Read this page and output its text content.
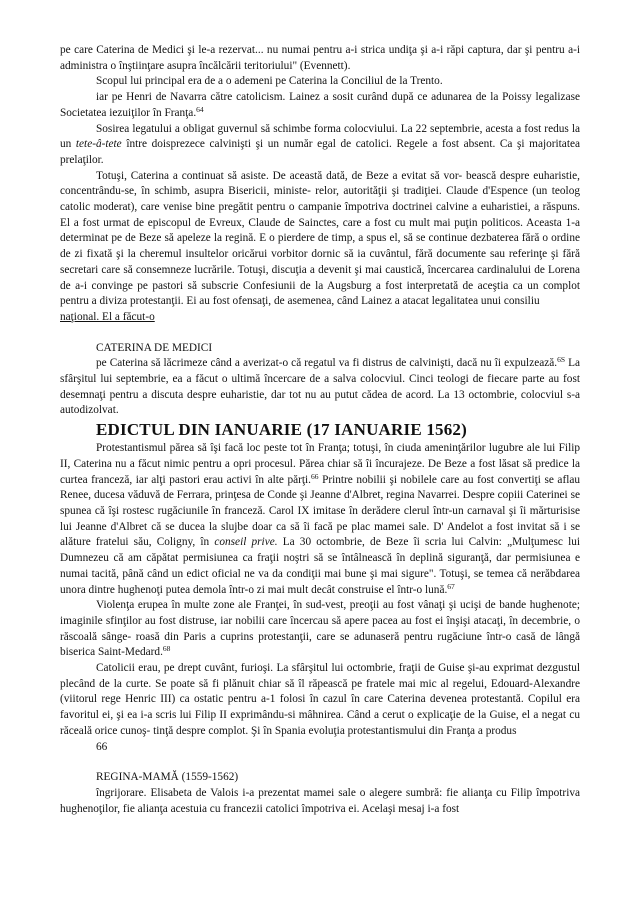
pe care Caterina de Medici şi le-a rezervat... nu numai pentru a-i strica undiţa şi a-i răpi captura, dar şi pentru a-i administra o înştiinţare asupra încălcării teritoriului" (Evennett).

Scopul lui principal era de a o ademeni pe Caterina la Conciliul de la Trento.

iar pe Henri de Navarra către catolicism. Lainez a sosit curând după ce adunarea de la Poissy legalizase Societatea iezuiţilor în Franţa.$^{64}$

Sosirea legatului a obligat guvernul să schimbe forma colocviului. La 22 septembrie, acesta a fost redus la un tete-â-tete între doisprezece calvinişti şi un număr egal de catolici. Regele a fost absent. Ca şi majoritatea prelaţilor.

Totuşi, Caterina a continuat să asiste. De această dată, de Beze a evitat să vor- bească despre euharistie, concentrându-se, în schimb, asupra Bisericii, ministe- relor, autorităţii şi tradiţiei. Claude d'Espence (un teolog catolic moderat), care venise bine pregătit pentru o campanie împotriva doctrinei calvine a euharistiei, a răspuns. El a fost urmat de episcopul de Evreux, Claude de Sainctes, care a fost cu mult mai puţin politicos. Aceasta 1-a determinat pe de Beze să apeleze la regină. E o pierdere de timp, a spus el, să se continue dezbaterea fără o ordine de zi fixată şi la cheremul insultelor oricărui vorbitor dornic să ia cuvântul, fără documente sau referinţe şi fără secretari care să consemneze lucrările. Totuşi, discuţia a devenit şi mai caustică, încercarea cardinalului de Lorena de a-i convinge pe pastori să subscrie Confesiunii de la Augsburg a fost interpretată de aceştia ca un complot pentru a diviza protestanţii. Ei au fost ofensaţi, de asemenea, când Lainez a atacat legalitatea unui consiliu
naţional. El a făcut-o

CATERINA DE MEDICI

pe Caterina să lăcrimeze când a averizat-o că regatul va fi distrus de calvinişti, dacă nu îi expulzează.$^{6S}$ La sfârşitul lui septembrie, ea a făcut o ultimă încercare de a salva colocviul. Cinci teologi de fiecare parte au fost desemnaţi pentru a discuta despre euharistie, dar tot nu au putut cădea de acord. La 13 octombrie, colocviul s-a autodizolvat.

EDICTUL DIN IANUARIE (17 IANUARIE 1562)

Protestantismul părea să îşi facă loc peste tot în Franţa; totuşi, în ciuda ameninţărilor lugubre ale lui Filip II, Caterina nu a făcut nimic pentru a opri procesul. Părea chiar să îi încurajeze. De Beze a fost lăsat să predice la curtea franceză, iar alţi pastori erau activi în alte părţi.$^{66}$ Printre nobilii şi nobilele care au fost convertiţi se aflau Renee, ducesa văduvă de Ferrara, prinţesa de Conde şi Jeanne d'Albret, regina Navarrei. Despre copiii Caterinei se spunea că îşi rostesc rugăciunile în franceză. Carol IX imitase în derădere clerul într-un carnaval şi îi mărturisise lui Jeanne d'Albret că se ducea la slujbe doar ca să îi facă pe plac mamei sale. D' Andelot a fost invitat să i se alăture fratelui său, Coligny, în conseil prive. La 30 octombrie, de Beze îi scria lui Calvin: „Mulţumesc lui Dumnezeu că am căpătat permisiunea ca fraţii noştri să se întâlnească în deplină siguranţă, dar permisiunea e numai tacită, până când un edict oficial ne va da condiţii mai bune şi mai sigure". Totuşi, se temea că nerăbdarea unora dintre hughenoţi putea demola într-o zi mai mult decât construise el într-o lună.$^{67}$

Violenţa erupea în multe zone ale Franţei, în sud-vest, preoţii au fost vânaţi şi ucişi de bande hughenote; imaginile sfinţilor au fost distruse, iar nobilii care încercau să apere pacea au fost ei înşişi atacaţi, în decembrie, o răscoală sânge- roasă din Paris a cuprins protestanţii, care se adunaseră pentru rugăciune într-o casă de lângă biserica Saint-Medard.$^{68}$

Catolicii erau, pe drept cuvânt, furioşi. La sfârşitul lui octombrie, fraţii de Guise şi-au exprimat dezgustul plecând de la curte. Se poate să fi plănuit chiar să îl răpească pe fratele mai mic al regelui, Edouard-Alexandre (viitorul rege Henric III) ca ostatic pentru a-1 folosi în cazul în care Caterina devenea protestantă. Copilul era favoritul ei, şi ea i-a scris lui Filip II exprimându-si mâhnirea. Când a cerut o explicaţie de la Guise, el a negat cu răceală orice cunoş- tinţă despre complot. Şi în Spania evoluţia protestantismului din Franţa a produs

66

REGINA-MAMĂ (1559-1562)

îngrijorare. Elisabeta de Valois i-a prezentat mamei sale o alegere sumbră: fie alianţa cu Filip împotriva hughenoţilor, fie alianţa acestuia cu francezii catolici împotriva ei. Acelaşi mesaj i-a fost
